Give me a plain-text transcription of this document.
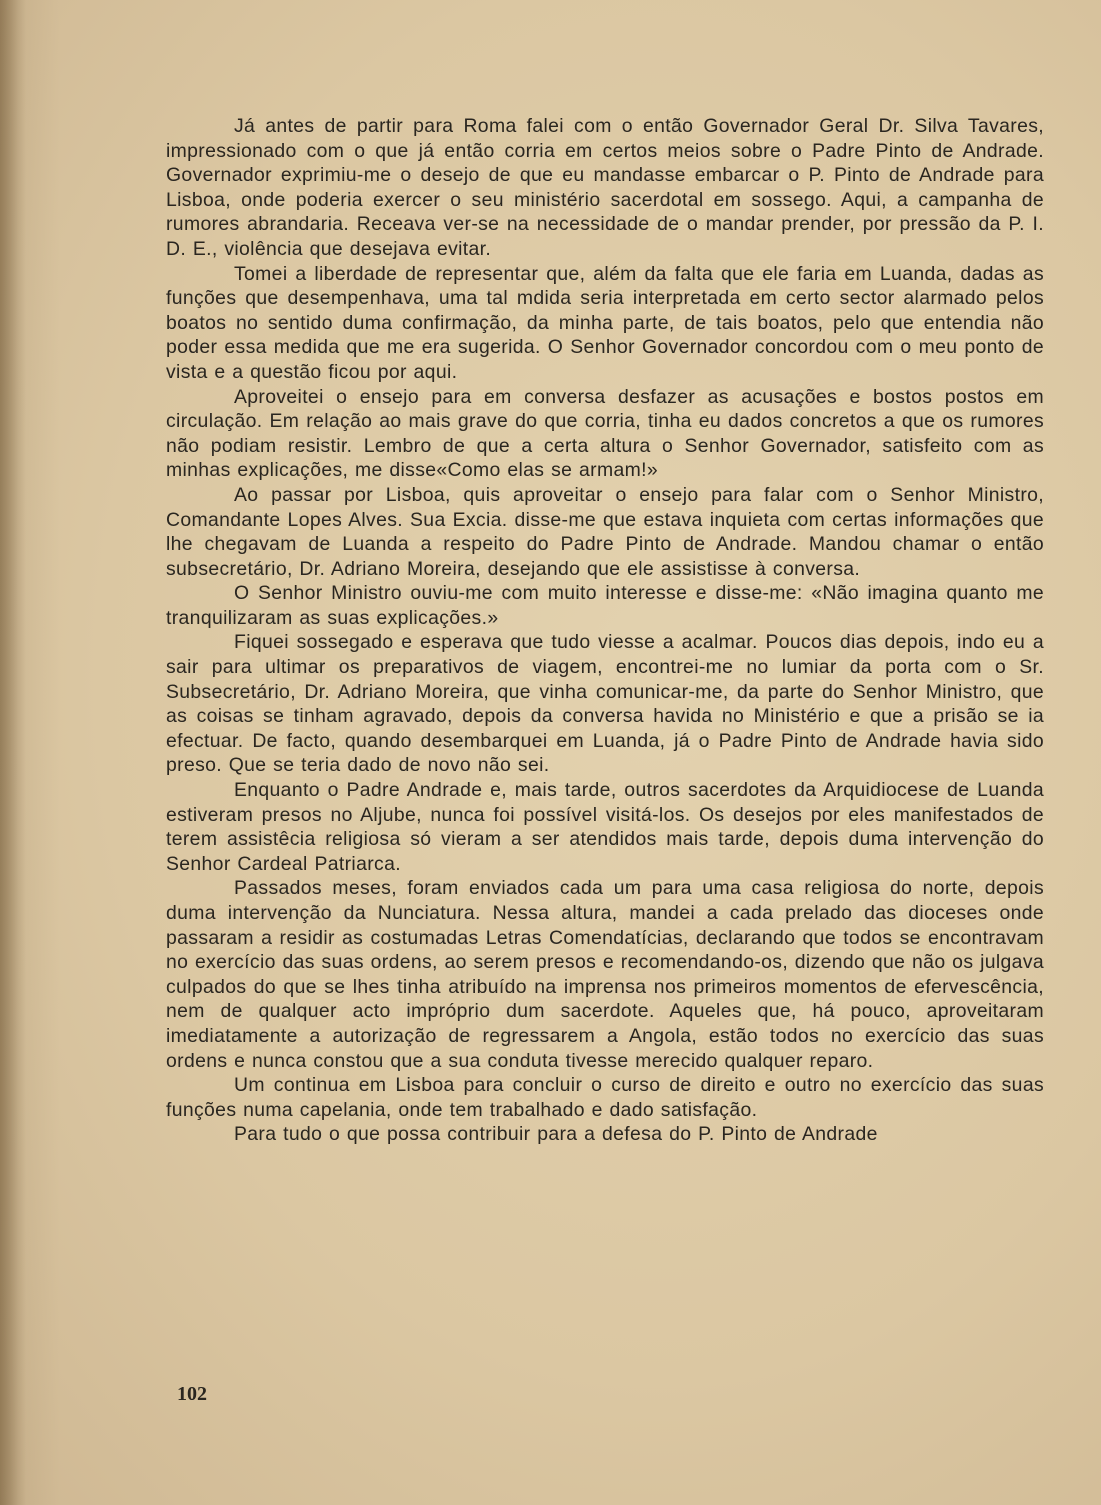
Já antes de partir para Roma falei com o então Governador Geral Dr. Silva Tavares, impressionado com o que já então corria em certos meios sobre o Padre Pinto de Andrade. Governador exprimiu-me o desejo de que eu mandasse embarcar o P. Pinto de Andrade para Lisboa, onde poderia exercer o seu ministério sacerdotal em sossego. Aqui, a campanha de rumores abrandaria. Receava ver-se na necessidade de o mandar prender, por pressão da P. I. D. E., violência que desejava evitar.

Tomei a liberdade de representar que, além da falta que ele faria em Luanda, dadas as funções que desempenhava, uma tal mdida seria interpretada em certo sector alarmado pelos boatos no sentido duma confirmação, da minha parte, de tais boatos, pelo que entendia não poder essa medida que me era sugerida. O Senhor Governador concordou com o meu ponto de vista e a questão ficou por aqui.

Aproveitei o ensejo para em conversa desfazer as acusações e bostos postos em circulação. Em relação ao mais grave do que corria, tinha eu dados concretos a que os rumores não podiam resistir. Lembro de que a certa altura o Senhor Governador, satisfeito com as minhas explicações, me disse«Como elas se armam!»

Ao passar por Lisboa, quis aproveitar o ensejo para falar com o Senhor Ministro, Comandante Lopes Alves. Sua Excia. disse-me que estava inquieta com certas informações que lhe chegavam de Luanda a respeito do Padre Pinto de Andrade. Mandou chamar o então subsecretário, Dr. Adriano Moreira, desejando que ele assistisse à conversa.

O Senhor Ministro ouviu-me com muito interesse e disse-me: «Não imagina quanto me tranquilizaram as suas explicações.»

Fiquei sossegado e esperava que tudo viesse a acalmar. Poucos dias depois, indo eu a sair para ultimar os preparativos de viagem, encontrei-me no lumiar da porta com o Sr. Subsecretário, Dr. Adriano Moreira, que vinha comunicar-me, da parte do Senhor Ministro, que as coisas se tinham agravado, depois da conversa havida no Ministério e que a prisão se ia efectuar. De facto, quando desembarquei em Luanda, já o Padre Pinto de Andrade havia sido preso. Que se teria dado de novo não sei.

Enquanto o Padre Andrade e, mais tarde, outros sacerdotes da Arquidiocese de Luanda estiveram presos no Aljube, nunca foi possível visitá-los. Os desejos por eles manifestados de terem assistêcia religiosa só vieram a ser atendidos mais tarde, depois duma intervenção do Senhor Cardeal Patriarca.

Passados meses, foram enviados cada um para uma casa religiosa do norte, depois duma intervenção da Nunciatura. Nessa altura, mandei a cada prelado das dioceses onde passaram a residir as costumadas Letras Comendatícias, declarando que todos se encontravam no exercício das suas ordens, ao serem presos e recomendando-os, dizendo que não os julgava culpados do que se lhes tinha atribuído na imprensa nos primeiros momentos de efervescência, nem de qualquer acto impróprio dum sacerdote. Aqueles que, há pouco, aproveitaram imediatamente a autorização de regressarem a Angola, estão todos no exercício das suas ordens e nunca constou que a sua conduta tivesse merecido qualquer reparo.

Um continua em Lisboa para concluir o curso de direito e outro no exercício das suas funções numa capelania, onde tem trabalhado e dado satisfação.

Para tudo o que possa contribuir para a defesa do P. Pinto de Andrade

102
